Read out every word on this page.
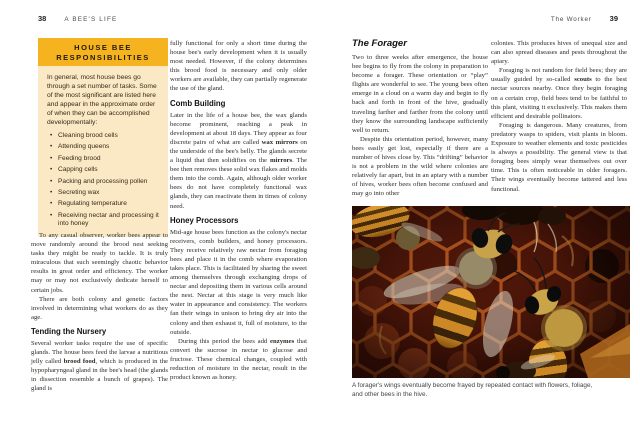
38	A BEE'S LIFE	The Worker 39
HOUSE BEE RESPONSIBILITIES

In general, most house bees go through a set number of tasks. Some of the most significant are listed here and appear in the approximate order of when they can be accomplished developmentally:

• Cleaning brood cells
• Attending queens
• Feeding brood
• Capping cells
• Packing and processing pollen
• Secreting wax
• Regulating temperature
• Receiving nectar and processing it into honey

To any casual observer, worker bees appear to move randomly around the brood nest seeking tasks they might be ready to tackle. It is truly miraculous that such seemingly chaotic behavior results in great order and efficiency. The worker may or may not exclusively dedicate herself to certain jobs.

There are both colony and genetic factors involved in determining what workers do as they age.

Tending the Nursery

Several worker tasks require the use of specific glands. The house bees feed the larvae a nutritious jelly called brood food, which is produced in the hypopharyngeal gland in the bee's head (the glands in dissection resemble a bunch of grapes). The gland is

fully functional for only a short time during the house bee's early development when it is usually most needed. However, if the colony determines this brood food is necessary and only older workers are available, they can partially regenerate the use of the gland.

Comb Building

Later in the life of a house bee, the wax glands become prominent, reaching a peak in development at about 18 days. They appear as four discrete pairs of what are called wax mirrors on the underside of the bee's belly. The glands secrete a liquid that then solidifies on the mirrors. The bee then removes these solid wax flakes and molds them into the comb. Again, although older worker bees do not have completely functional wax glands, they can reactivate them in times of colony need.

Honey Processors

Mid-age house bees function as the colony's nectar receivers, comb builders, and honey processors. They receive relatively raw nectar from foraging bees and place it in the comb where evaporation takes place. This is facilitated by sharing the sweet among themselves through exchanging drops of nectar and depositing them in various cells around the nest. Nectar at this stage is very much like water in appearance and consistency. The workers fan their wings in unison to bring dry air into the colony and then exhaust it, full of moisture, to the outside.

During this period the bees add enzymes that convert the sucrose in nectar to glucose and fructose. These chemical changes, coupled with reduction of moisture in the nectar, result in the product known as honey.

The Forager

Two to three weeks after emergence, the house bee begins to fly from the colony in preparation to become a forager. These orientation or “play” flights are wonderful to see. The young bees often emerge in a cloud on a warm day and begin to fly back and forth in front of the hive, gradually traveling farther and farther from the colony until they know the surrounding landscape sufficiently well to return.

Despite this orientation period, however, many bees easily get lost, especially if there are a number of hives close by. This “drifting” behavior is not a problem in the wild where colonies are relatively far apart, but in an apiary with a number of hives, worker bees often become confused and may go into other

colonies. This produces hives of unequal size and can also spread diseases and pests throughout the apiary.

Foraging is not random for field bees; they are usually guided by so-called scouts to the best nectar sources nearby. Once they begin foraging on a certain crop, field bees tend to be faithful to this plant, visiting it exclusively. This makes them efficient and desirable pollinators.

Foraging is dangerous. Many creatures, from predatory wasps to spiders, visit plants in bloom. Exposure to weather elements and toxic pesticides is always a possibility. The general view is that foraging bees simply wear themselves out over time. This is often noticeable in older foragers. Their wings eventually become tattered and less functional.

A forager's wings eventually become frayed by repeated contact with flowers, foliage, and other bees in the hive.
